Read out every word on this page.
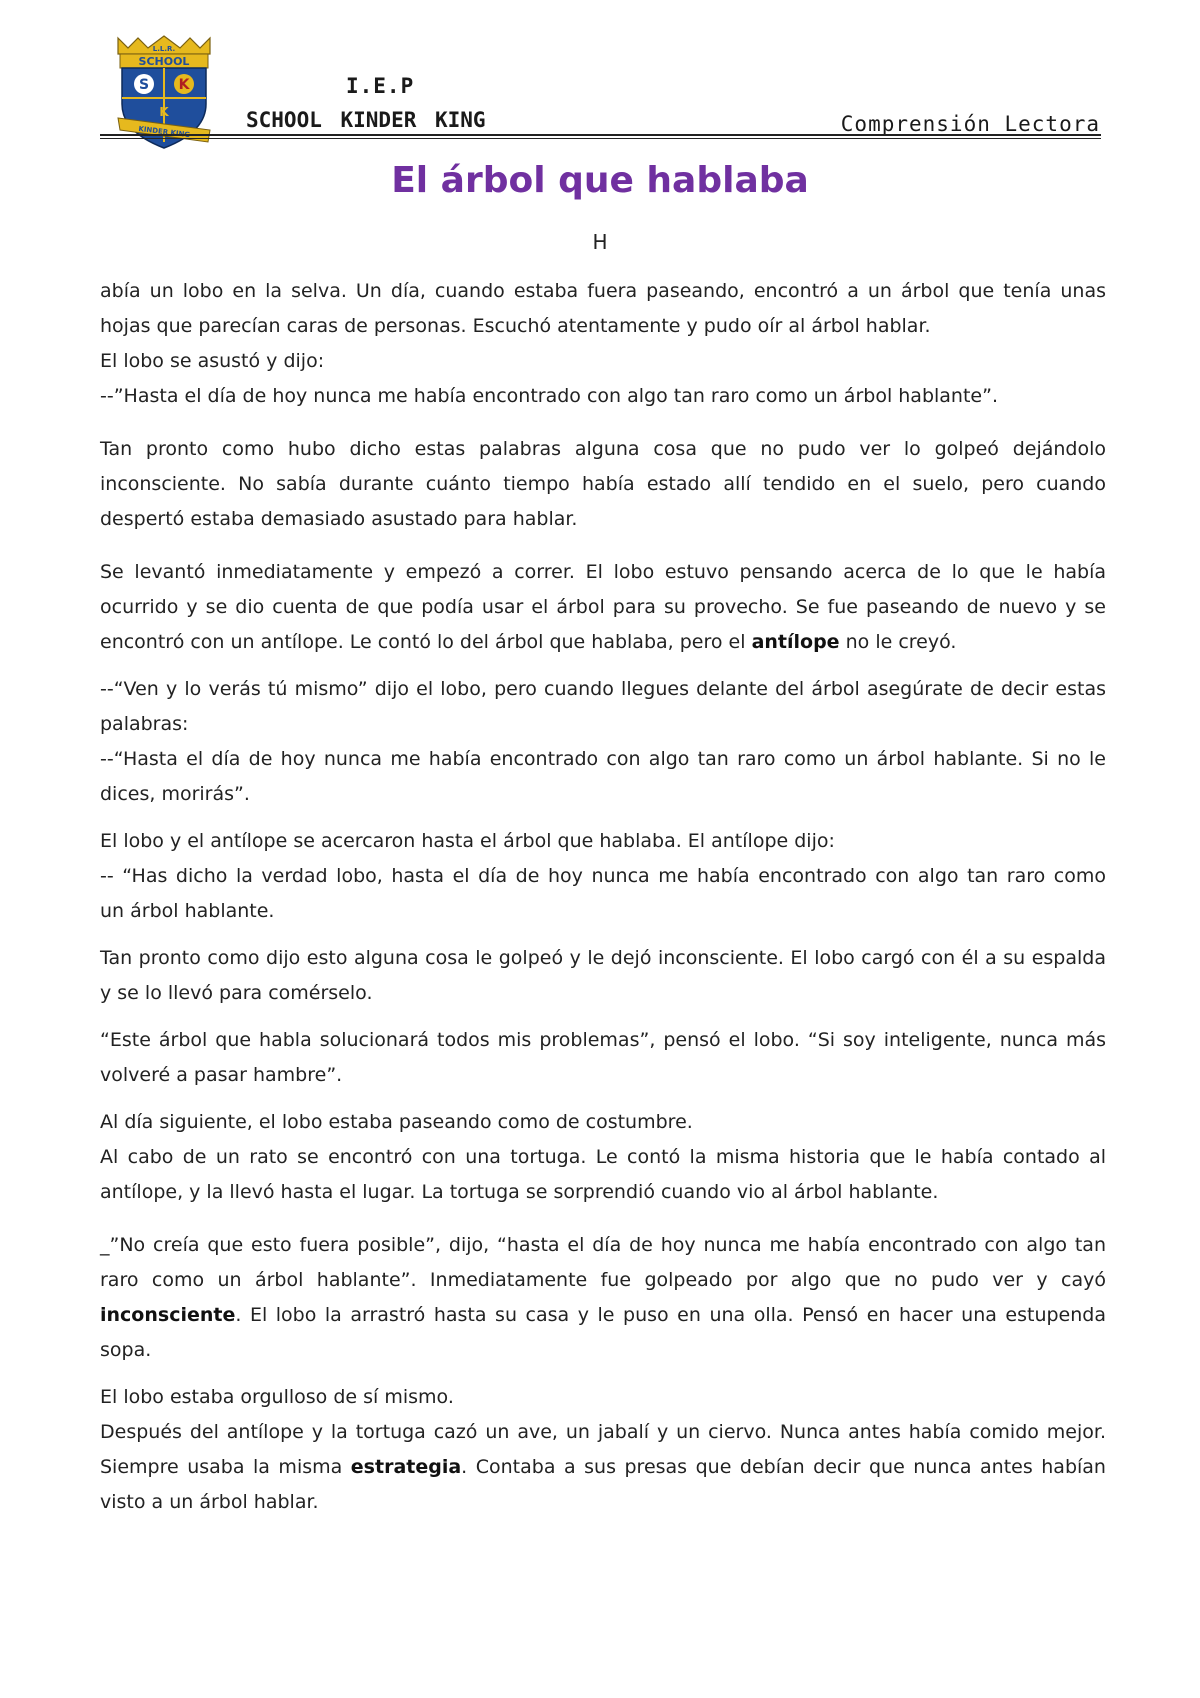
L.L.R.
SCHOOL
S K
K
KINDER KING
I.E.P
SCHOOL KINDER KING	Comprensión Lectora
El árbol que hablaba
H

abía un lobo en la selva. Un día, cuando estaba fuera paseando, encontró a un árbol que tenía unas hojas que parecían caras de personas. Escuchó atentamente y pudo oír al árbol hablar.
El lobo se asustó y dijo:
--”Hasta el día de hoy nunca me había encontrado con algo tan raro como un árbol hablante”.

Tan pronto como hubo dicho estas palabras alguna cosa que no pudo ver lo golpeó dejándolo inconsciente. No sabía durante cuánto tiempo había estado allí tendido en el suelo, pero cuando despertó estaba demasiado asustado para hablar.

Se levantó inmediatamente y empezó a correr. El lobo estuvo pensando acerca de lo que le había ocurrido y se dio cuenta de que podía usar el árbol para su provecho. Se fue paseando de nuevo y se encontró con un antílope. Le contó lo del árbol que hablaba, pero el antílope no le creyó.

--“Ven y lo verás tú mismo” dijo el lobo, pero cuando llegues delante del árbol asegúrate de decir estas palabras:
--“Hasta el día de hoy nunca me había encontrado con algo tan raro como un árbol hablante. Si no le dices, morirás”.

El lobo y el antílope se acercaron hasta el árbol que hablaba. El antílope dijo:
-- “Has dicho la verdad lobo, hasta el día de hoy nunca me había encontrado con algo tan raro como    un árbol hablante.

Tan pronto como dijo esto alguna cosa le golpeó y le dejó inconsciente. El lobo cargó con él a su espalda y se lo llevó para comérselo.

“Este árbol que habla solucionará todos mis problemas”, pensó el lobo. “Si soy inteligente, nunca más volveré a pasar hambre”.

Al día siguiente, el lobo estaba paseando como de costumbre.
Al cabo de un rato se encontró con una tortuga. Le contó la misma historia que le había contado al antílope, y la llevó hasta el lugar. La tortuga se sorprendió cuando vio al árbol hablante.

_”No creía que esto fuera posible”, dijo, “hasta el día de hoy nunca me había encontrado con algo tan raro como un árbol hablante”. Inmediatamente fue golpeado por algo que no pudo ver y cayó inconsciente. El lobo la arrastró hasta su casa y le puso en una olla. Pensó en hacer una estupenda sopa.

El lobo estaba orgulloso de sí mismo.
Después del antílope y la tortuga cazó un ave, un jabalí y un ciervo. Nunca antes había comido mejor. Siempre usaba la misma estrategia. Contaba a sus presas que debían decir que nunca antes habían visto a un árbol hablar.
